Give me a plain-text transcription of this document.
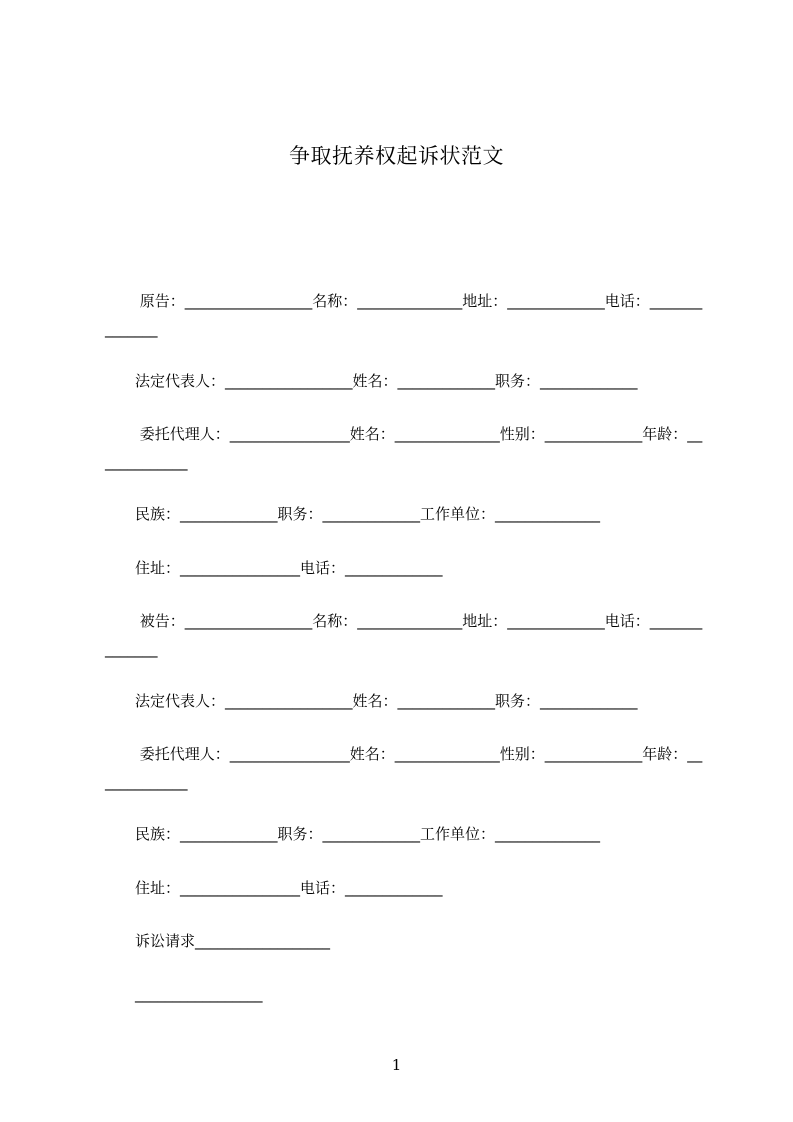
争取抚养权起诉状范文
　　 原告：_________________名称：______________地址：_____________电话：______________
　　法定代表人：_________________姓名：_____________职务：_____________
　　 委托代理人：________________姓名：______________性别：_____________年龄：_____________
　　民族：_____________职务：_____________工作单位：______________
　　住址：________________电话：_____________
　　 被告：_________________名称：______________地址：_____________电话：______________
　　法定代表人：_________________姓名：_____________职务：_____________
　　 委托代理人：________________姓名：______________性别：_____________年龄：_____________
　　民族：_____________职务：_____________工作单位：______________
　　住址：________________电话：_____________
　　诉讼请求__________________
　　_________________
1
